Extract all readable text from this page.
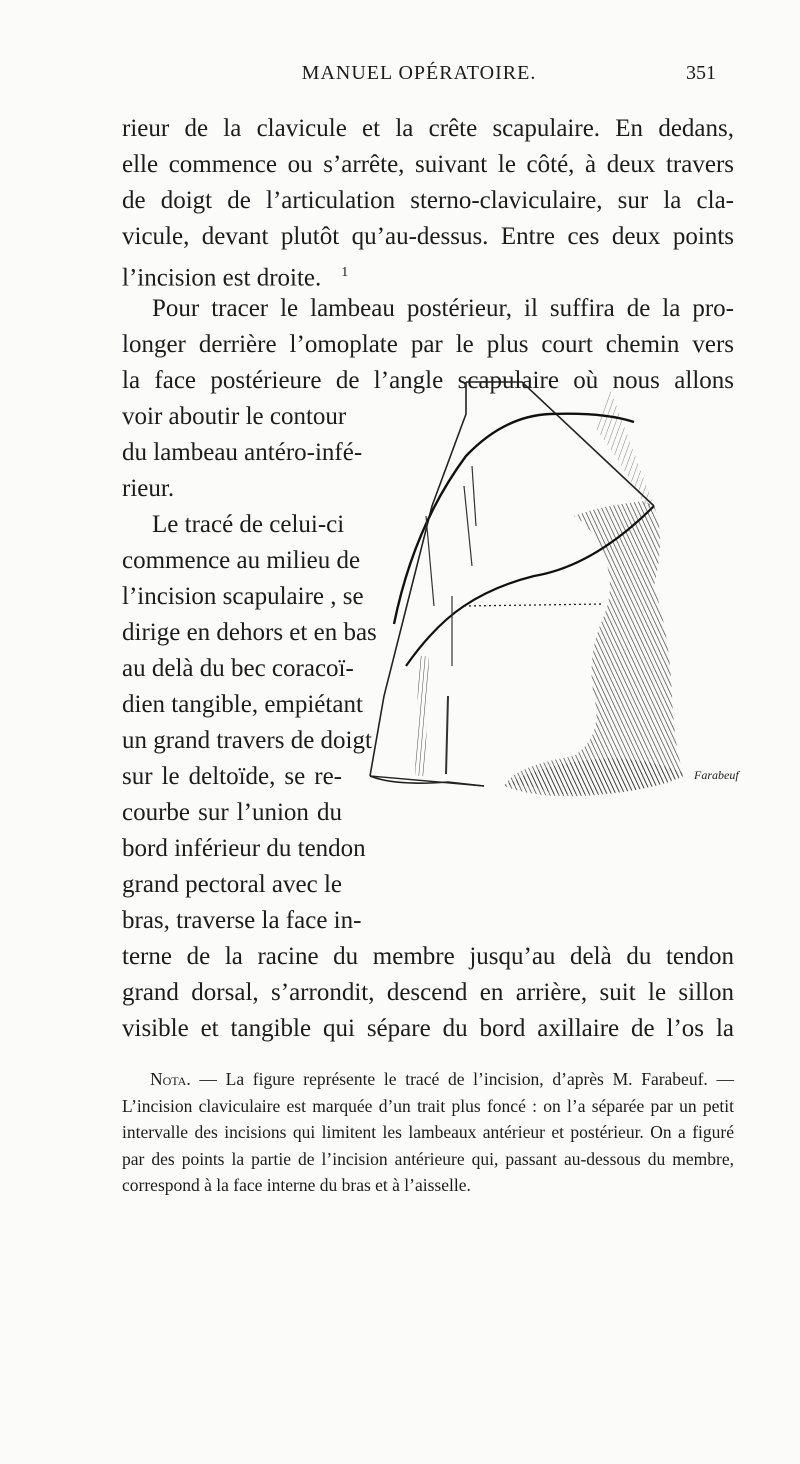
MANUEL OPÉRATOIRE.	351
rieur de la clavicule et la crête scapulaire. En dedans,
elle commence ou s’arrête, suivant le côté, à deux travers
de doigt de l’articulation sterno-claviculaire, sur la cla-
vicule, devant plutôt qu’au-dessus. Entre ces deux points
l’incision est droite. $^1$
Pour tracer le lambeau postérieur, il suffira de la pro-
longer derrière l’omoplate par le plus court chemin vers
la face postérieure de l’angle scapulaire où nous allons
voir aboutir le contour
du lambeau antéro-infé-
rieur.
Le tracé de celui-ci
commence au milieu de
l’incision scapulaire , se
dirige en dehors et en bas
au delà du bec coracoï-
dien tangible, empiétant
un grand travers de doigt
sur le deltoïde, se re-
courbe sur l’union du
bord inférieur du tendon
grand pectoral avec le
bras, traverse la face in-
terne de la racine du membre jusqu’au delà du tendon
grand dorsal, s’arrondit, descend en arrière, suit le sillon
visible et tangible qui sépare du bord axillaire de l’os la
Farabeuf
Nota. — La figure représente le tracé de l’incision, d’après M. Farabeuf. — L’incision claviculaire est marquée d’un trait plus foncé : on l’a séparée par un petit intervalle des incisions qui limitent les lambeaux antérieur et postérieur. On a figuré par des points la partie de l’incision antérieure qui, passant au-dessous du membre, correspond à la face interne du bras et à l’aisselle.
